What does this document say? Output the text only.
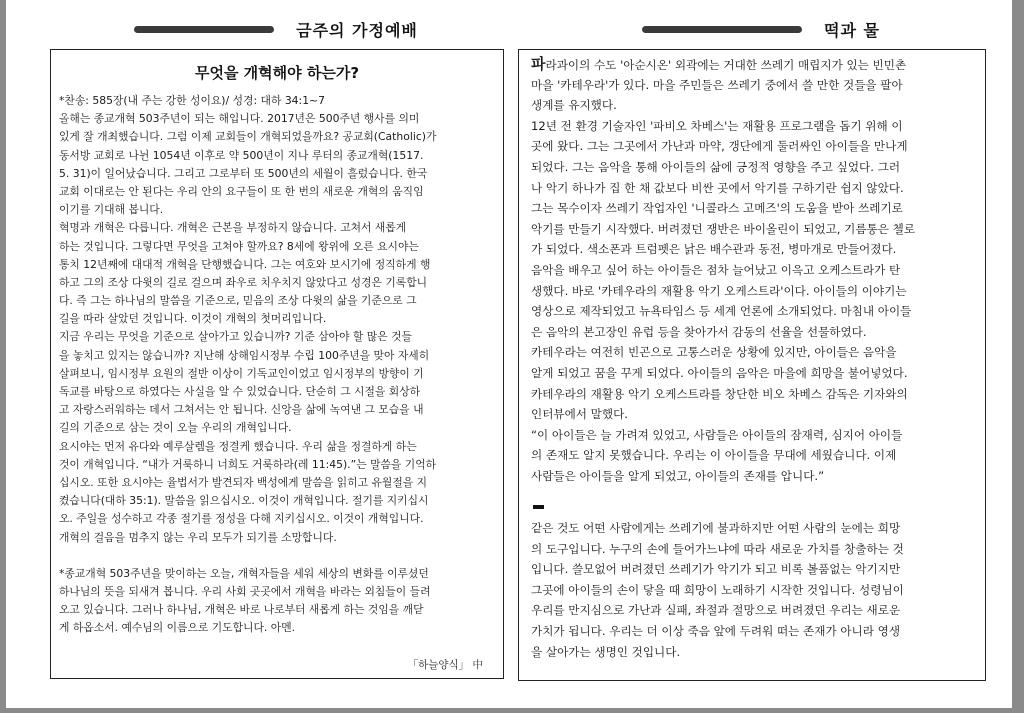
금주의 가정예배	떡과 물
무엇을 개혁해야 하는가?
*찬송: 585장(내 주는 강한 성이요)/ 성경: 대하 34:1~7
올해는 종교개혁 503주년이 되는 해입니다. 2017년은 500주년 행사를 의미
있게 잘 개최했습니다. 그럼 이제 교회들이 개혁되었을까요? 공교회(Catholic)가
동서방 교회로 나뉜 1054년 이후로 약 500년이 지나 루터의 종교개혁(1517.
5. 31)이 일어났습니다. 그리고 그로부터 또 500년의 세월이 흘렀습니다. 한국
교회 이대로는 안 된다는 우리 안의 요구들이 또 한 번의 새로운 개혁의 움직임
이기를 기대해 봅니다.
혁명과 개혁은 다릅니다. 개혁은 근본을 부정하지 않습니다. 고쳐서 새롭게
하는 것입니다. 그렇다면 무엇을 고쳐야 할까요? 8세에 왕위에 오른 요시야는
통치 12년째에 대대적 개혁을 단행했습니다. 그는 여호와 보시기에 정직하게 행
하고 그의 조상 다윗의 길로 걸으며 좌우로 치우치지 않았다고 성경은 기록합니
다. 즉 그는 하나님의 말씀을 기준으로, 믿음의 조상 다윗의 삶을 기준으로 그
길을 따라 살았던 것입니다. 이것이 개혁의 첫머리입니다.
지금 우리는 무엇을 기준으로 살아가고 있습니까? 기준 삼아야 할 많은 것들
을 놓치고 있지는 않습니까? 지난해 상해임시정부 수립 100주년을 맞아 자세히
살펴보니, 임시정부 요원의 절반 이상이 기독교인이었고 임시정부의 방향이 기
독교를 바탕으로 하였다는 사실을 알 수 있었습니다. 단순히 그 시절을 회상하
고 자랑스러워하는 데서 그쳐서는 안 됩니다. 신앙을 삶에 녹여낸 그 모습을 내
길의 기준으로 삼는 것이 오늘 우리의 개혁입니다.
요시야는 먼저 유다와 예루살렘을 정결케 했습니다. 우리 삶을 정결하게 하는
것이 개혁입니다. “내가 거룩하니 너희도 거룩하라(레 11:45).”는 말씀을 기억하
십시오. 또한 요시야는 율법서가 발견되자 백성에게 말씀을 읽히고 유월절을 지
켰습니다(대하 35:1). 말씀을 읽으십시오. 이것이 개혁입니다. 절기를 지키십시
오. 주일을 성수하고 각종 절기를 정성을 다해 지키십시오. 이것이 개혁입니다.
개혁의 걸음을 멈추지 않는 우리 모두가 되기를 소망합니다.

*종교개혁 503주년을 맞이하는 오늘, 개혁자들을 세워 세상의 변화를 이루셨던
하나님의 뜻을 되새겨 봅니다. 우리 사회 곳곳에서 개혁을 바라는 외침들이 들려
오고 있습니다. 그러나 하나님, 개혁은 바로 나로부터 새롭게 하는 것임을 깨닫
게 하옵소서. 예수님의 이름으로 기도합니다. 아멘.
「하늘양식」 中
파라과이의 수도 '아순시온' 외곽에는 거대한 쓰레기 매립지가 있는 빈민촌
마을 '카테우라'가 있다. 마을 주민들은 쓰레기 중에서 쓸 만한 것들을 팔아
생계를 유지했다.
12년 전 환경 기술자인 '파비오 차베스'는 재활용 프로그램을 돕기 위해 이
곳에 왔다. 그는 그곳에서 가난과 마약, 갱단에게 둘러싸인 아이들을 만나게
되었다. 그는 음악을 통해 아이들의 삶에 긍정적 영향을 주고 싶었다. 그러
나 악기 하나가 집 한 채 값보다 비싼 곳에서 악기를 구하기란 쉽지 않았다.
그는 목수이자 쓰레기 작업자인 '니콜라스 고메즈'의 도움을 받아 쓰레기로
악기를 만들기 시작했다. 버려졌던 쟁반은 바이올린이 되었고, 기름통은 첼로
가 되었다. 색소폰과 트럼펫은 낡은 배수관과 동전, 병마개로 만들어졌다.
음악을 배우고 싶어 하는 아이들은 점차 늘어났고 이윽고 오케스트라가 탄
생했다. 바로 '카테우라의 재활용 악기 오케스트라'이다. 아이들의 이야기는
영상으로 제작되었고 뉴욕타임스 등 세계 언론에 소개되었다. 마침내 아이들
은 음악의 본고장인 유럽 등을 찾아가서 감동의 선율을 선물하였다.
카테우라는 여전히 빈곤으로 고통스러운 상황에 있지만, 아이들은 음악을
알게 되었고 꿈을 꾸게 되었다. 아이들의 음악은 마을에 희망을 불어넣었다.
카테우라의 재활용 악기 오케스트라를 창단한 비오 차베스 감독은 기자와의
인터뷰에서 말했다.
“이 아이들은 늘 가려져 있었고, 사람들은 아이들의 잠재력, 심지어 아이들
의 존재도 알지 못했습니다. 우리는 이 아이들을 무대에 세웠습니다. 이제
사람들은 아이들을 알게 되었고, 아이들의 존재를 압니다.”
같은 것도 어떤 사람에게는 쓰레기에 불과하지만 어떤 사람의 눈에는 희망
의 도구입니다. 누구의 손에 들어가느냐에 따라 새로운 가치를 창출하는 것
입니다. 쓸모없어 버려졌던 쓰레기가 악기가 되고 비록 볼품없는 악기지만
그곳에 아이들의 손이 닿을 때 희망이 노래하기 시작한 것입니다. 성령님이
우리를 만지심으로 가난과 실패, 좌절과 절망으로 버려졌던 우리는 새로운
가치가 됩니다. 우리는 더 이상 죽음 앞에 두려워 떠는 존재가 아니라 영생
을 살아가는 생명인 것입니다.
